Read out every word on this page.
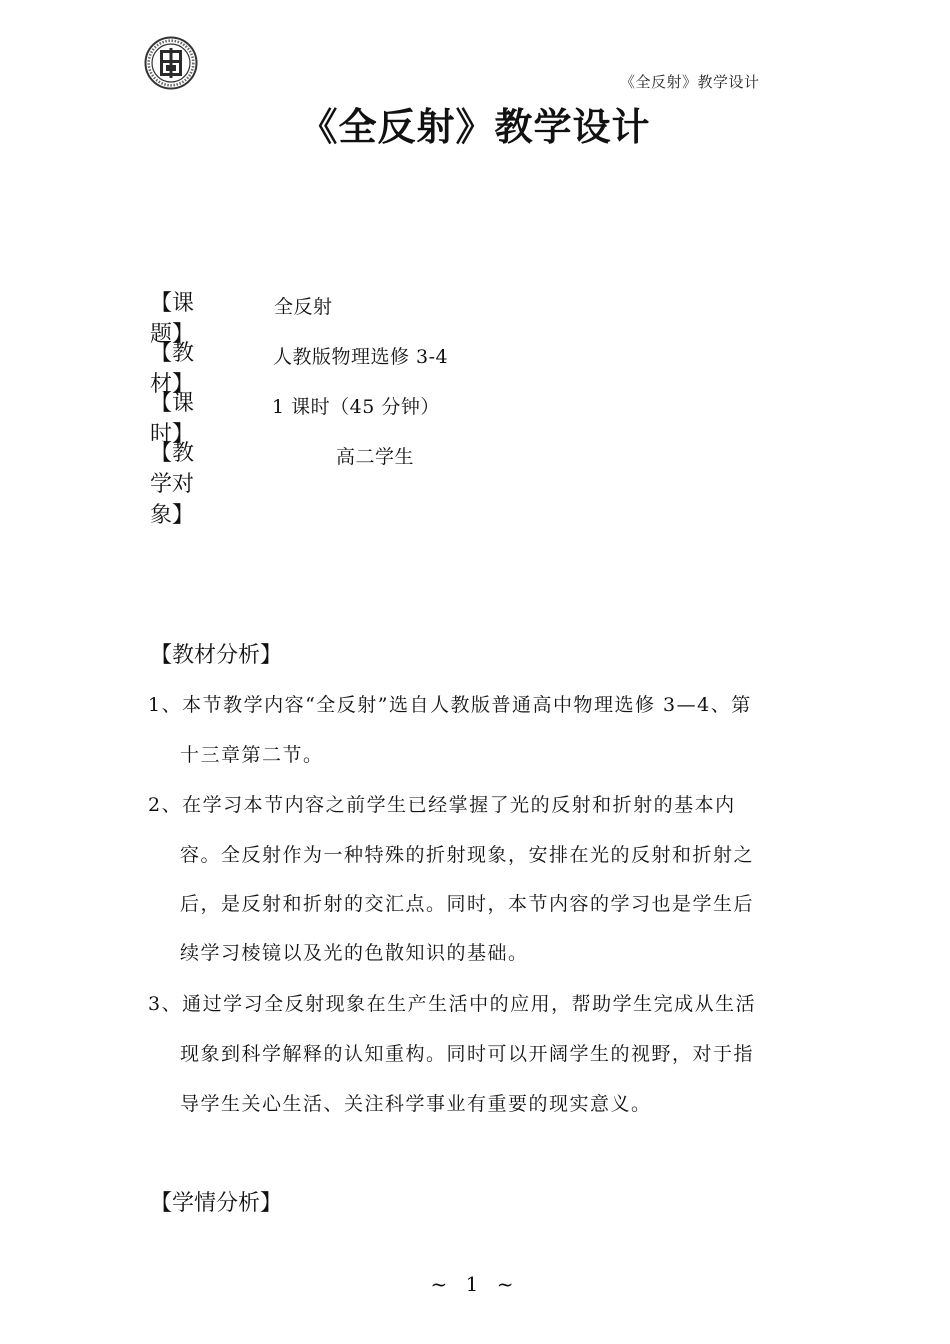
《全反射》教学设计
《全反射》教学设计
【课题】
全反射
【教材】
人教版物理选修 3-4
【课时】
1 课时（45 分钟）
【教学对象】
高二学生
【教材分析】
1、本节教学内容“全反射”选自人教版普通高中物理选修 3—4、第
十三章第二节。
2、在学习本节内容之前学生已经掌握了光的反射和折射的基本内
容。全反射作为一种特殊的折射现象，安排在光的反射和折射之
后，是反射和折射的交汇点。同时，本节内容的学习也是学生后
续学习棱镜以及光的色散知识的基础。
3、通过学习全反射现象在生产生活中的应用，帮助学生完成从生活
现象到科学解释的认知重构。同时可以开阔学生的视野，对于指
导学生关心生活、关注科学事业有重要的现实意义。
【学情分析】
~ 1 ~
